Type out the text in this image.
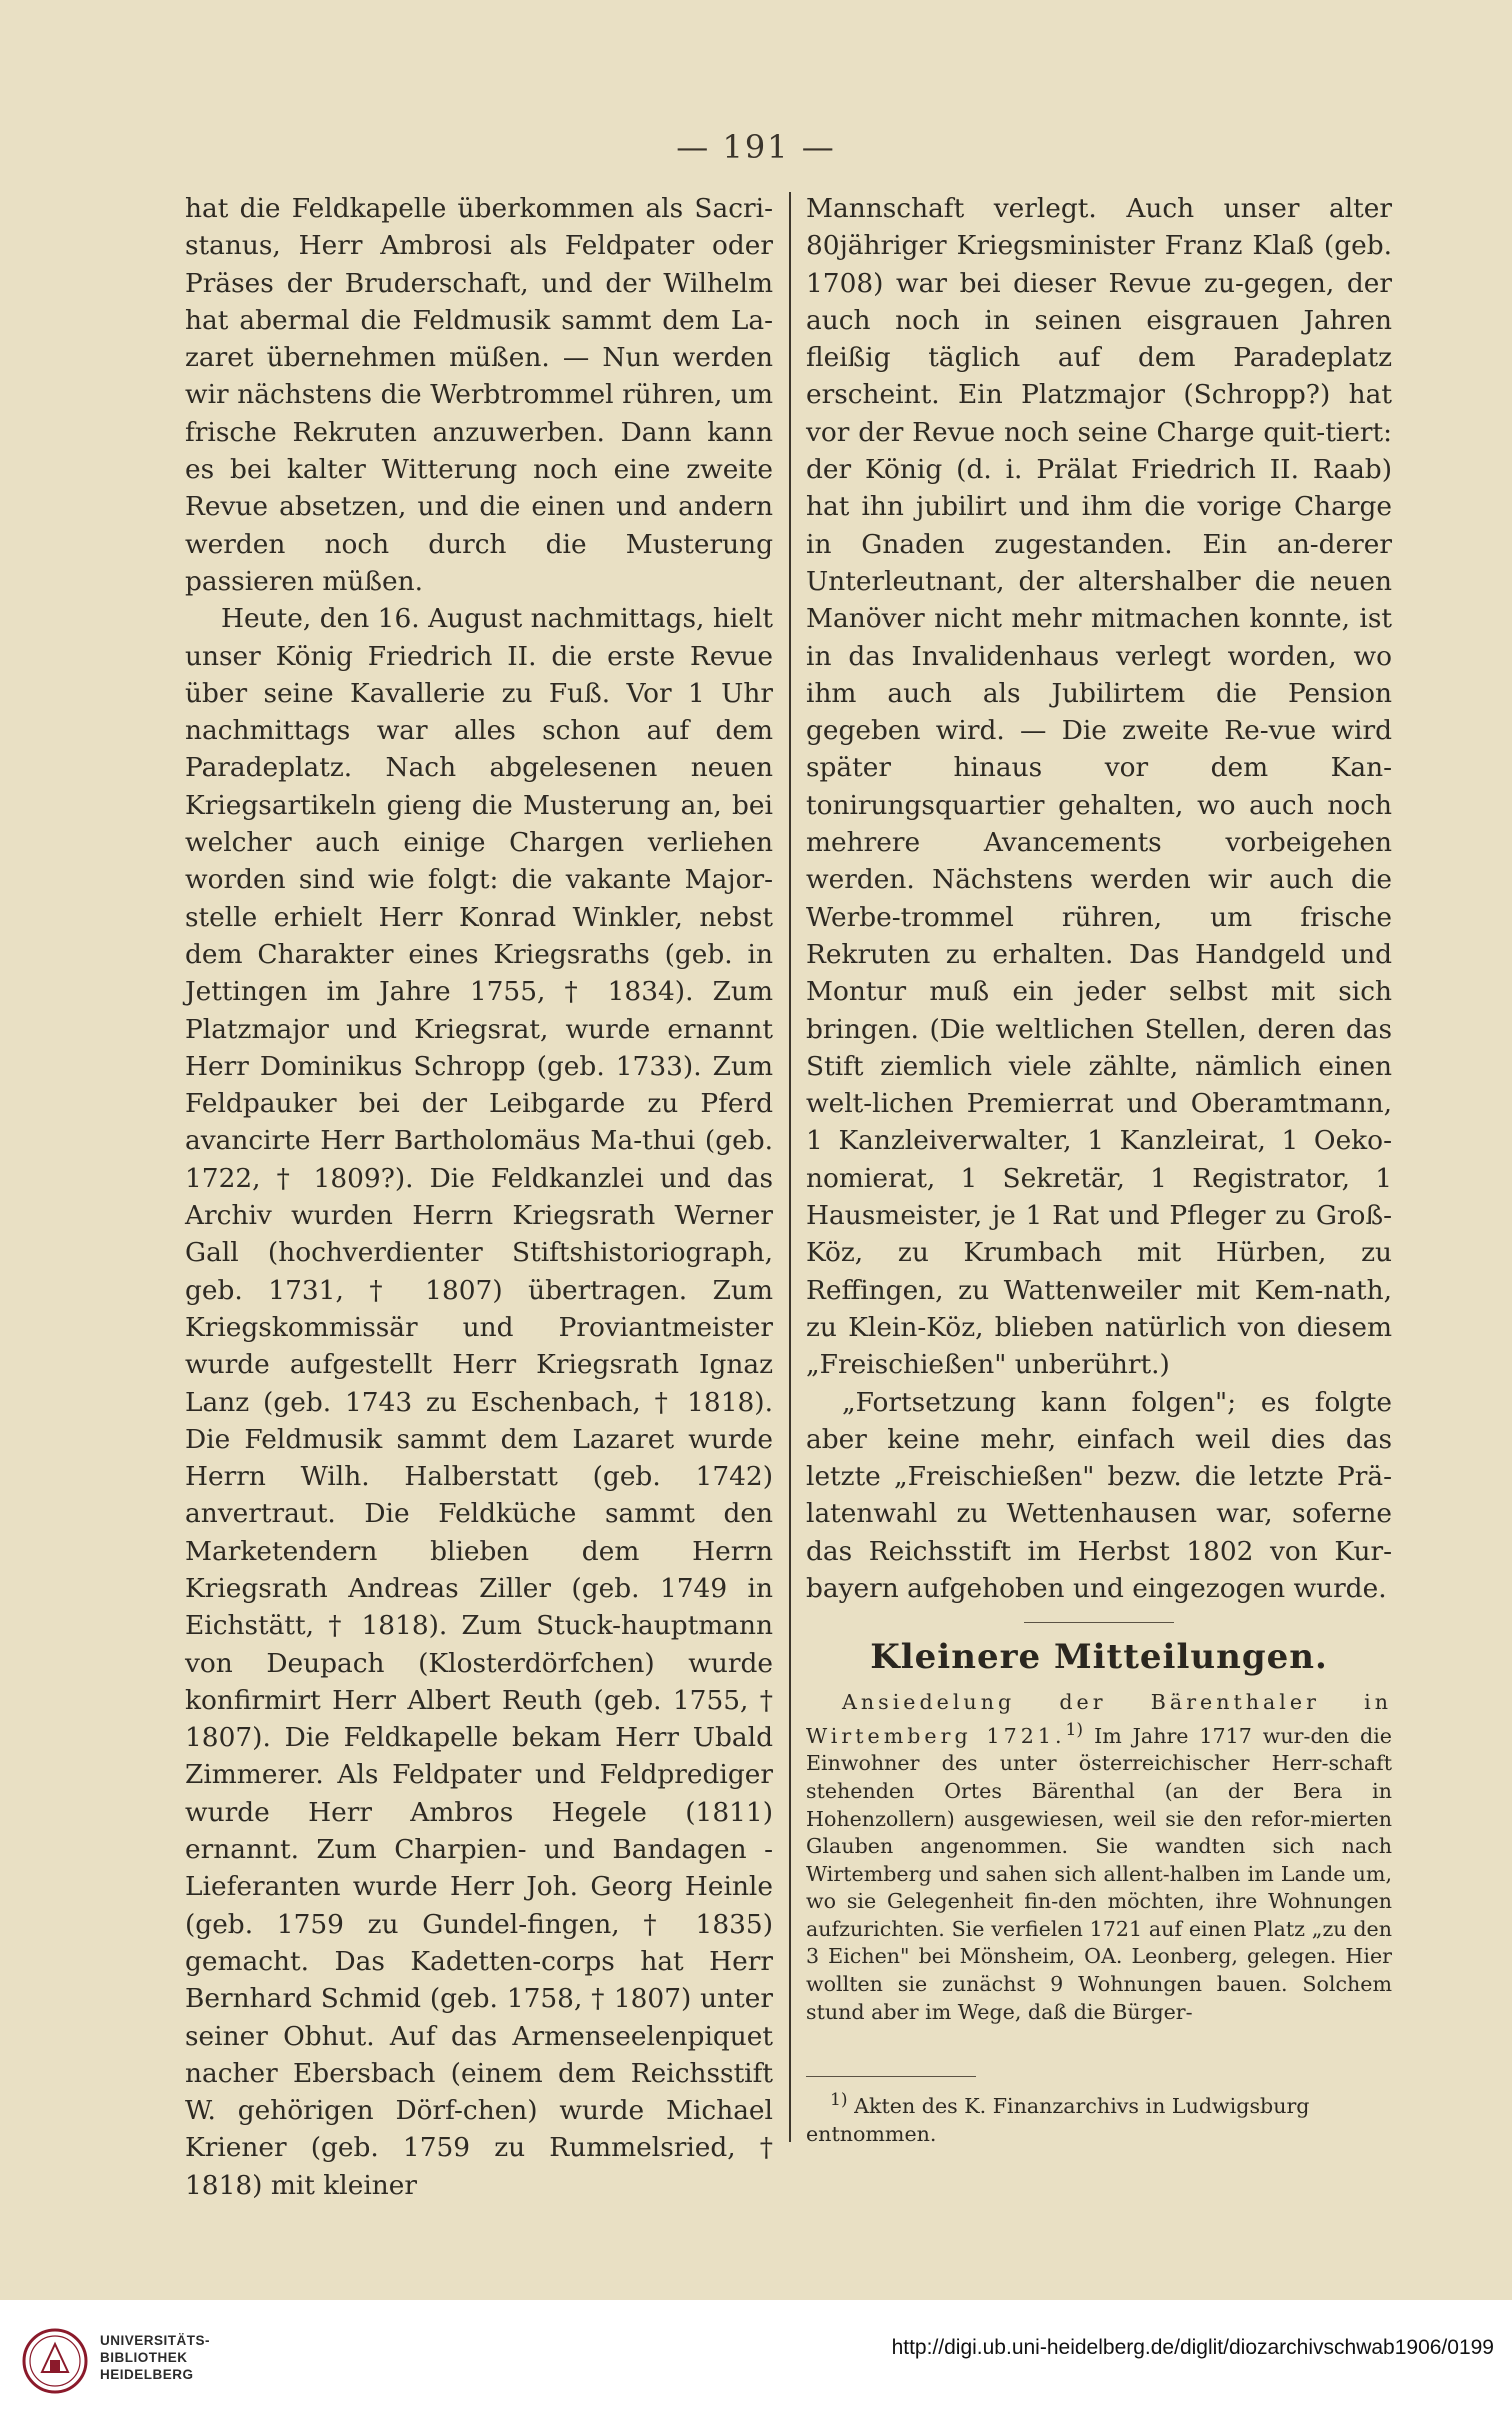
— 191 —

hat die Feldkapelle überkommen als Sacri-stanus, Herr Ambrosi als Feldpater oder Präses der Bruderschaft, und der Wilhelm hat abermal die Feldmusik sammt dem La-zaret übernehmen müßen. — Nun werden wir nächstens die Werbtrommel rühren, um frische Rekruten anzuwerben. Dann kann es bei kalter Witterung noch eine zweite Revue absetzen, und die einen und andern werden noch durch die Musterung passieren müßen.

Heute, den 16. August nachmittags, hielt unser König Friedrich II. die erste Revue über seine Kavallerie zu Fuß. Vor 1 Uhr nachmittags war alles schon auf dem Paradeplatz. Nach abgelesenen neuen Kriegsartikeln gieng die Musterung an, bei welcher auch einige Chargen verliehen worden sind wie folgt: die vakante Major-stelle erhielt Herr Konrad Winkler, nebst dem Charakter eines Kriegsraths (geb. in Jettingen im Jahre 1755, † 1834). Zum Platzmajor und Kriegsrat, wurde ernannt Herr Dominikus Schropp (geb. 1733). Zum Feldpauker bei der Leibgarde zu Pferd avancirte Herr Bartholomäus Ma-thui (geb. 1722, † 1809?). Die Feldkanzlei und das Archiv wurden Herrn Kriegsrath Werner Gall (hochverdienter Stiftshistoriograph, geb. 1731, † 1807) übertragen. Zum Kriegskommissär und Proviantmeister wurde aufgestellt Herr Kriegsrath Ignaz Lanz (geb. 1743 zu Eschenbach, † 1818). Die Feldmusik sammt dem Lazaret wurde Herrn Wilh. Halberstatt (geb. 1742) anvertraut. Die Feldküche sammt den Marketendern blieben dem Herrn Kriegsrath Andreas Ziller (geb. 1749 in Eichstätt, † 1818). Zum Stuck-hauptmann von Deupach (Klosterdörfchen) wurde konfirmirt Herr Albert Reuth (geb. 1755, † 1807). Die Feldkapelle bekam Herr Ubald Zimmerer. Als Feldpater und Feldprediger wurde Herr Ambros Hegele (1811) ernannt. Zum Charpien- und Bandagen - Lieferanten wurde Herr Joh. Georg Heinle (geb. 1759 zu Gundel-fingen, † 1835) gemacht. Das Kadetten-corps hat Herr Bernhard Schmid (geb. 1758, † 1807) unter seiner Obhut. Auf das Armenseelenpiquet nacher Ebersbach (einem dem Reichsstift W. gehörigen Dörf-chen) wurde Michael Kriener (geb. 1759 zu Rummelsried, † 1818) mit kleiner

Mannschaft verlegt. Auch unser alter 80jähriger Kriegsminister Franz Klaß (geb. 1708) war bei dieser Revue zu-gegen, der auch noch in seinen eisgrauen Jahren fleißig täglich auf dem Paradeplatz erscheint. Ein Platzmajor (Schropp?) hat vor der Revue noch seine Charge quit-tiert: der König (d. i. Prälat Friedrich II. Raab) hat ihn jubilirt und ihm die vorige Charge in Gnaden zugestanden. Ein an-derer Unterleutnant, der altershalber die neuen Manöver nicht mehr mitmachen konnte, ist in das Invalidenhaus verlegt worden, wo ihm auch als Jubilirtem die Pension gegeben wird. — Die zweite Re-vue wird später hinaus vor dem Kan-tonirungsquartier gehalten, wo auch noch mehrere Avancements vorbeigehen werden. Nächstens werden wir auch die Werbe-trommel rühren, um frische Rekruten zu erhalten. Das Handgeld und Montur muß ein jeder selbst mit sich bringen. (Die weltlichen Stellen, deren das Stift ziemlich viele zählte, nämlich einen welt-lichen Premierrat und Oberamtmann, 1 Kanzleiverwalter, 1 Kanzleirat, 1 Oeko-nomierat, 1 Sekretär, 1 Registrator, 1 Hausmeister, je 1 Rat und Pfleger zu Groß-Köz, zu Krumbach mit Hürben, zu Reffingen, zu Wattenweiler mit Kem-nath, zu Klein-Köz, blieben natürlich von diesem „Freischießen" unberührt.)

„Fortsetzung kann folgen"; es folgte aber keine mehr, einfach weil dies das letzte „Freischießen" bezw. die letzte Prä-latenwahl zu Wettenhausen war, soferne das Reichsstift im Herbst 1802 von Kur-bayern aufgehoben und eingezogen wurde.

Kleinere Mitteilungen.

Ansiedelung der Bärenthaler in Wirtemberg 1721.$^{1)}$ Im Jahre 1717 wur-den die Einwohner des unter österreichischer Herr-schaft stehenden Ortes Bärenthal (an der Bera in Hohenzollern) ausgewiesen, weil sie den refor-mierten Glauben angenommen. Sie wandten sich nach Wirtemberg und sahen sich allent-halben im Lande um, wo sie Gelegenheit fin-den möchten, ihre Wohnungen aufzurichten. Sie verfielen 1721 auf einen Platz „zu den 3 Eichen" bei Mönsheim, OA. Leonberg, gelegen. Hier wollten sie zunächst 9 Wohnungen bauen. Solchem stund aber im Wege, daß die Bürger-

$^{1)}$ Akten des K. Finanzarchivs in Ludwigsburg entnommen.

UNIVERSITÄTS-
BIBLIOTHEK
HEIDELBERG
http://digi.ub.uni-heidelberg.de/diglit/diozarchivschwab1906/0199
